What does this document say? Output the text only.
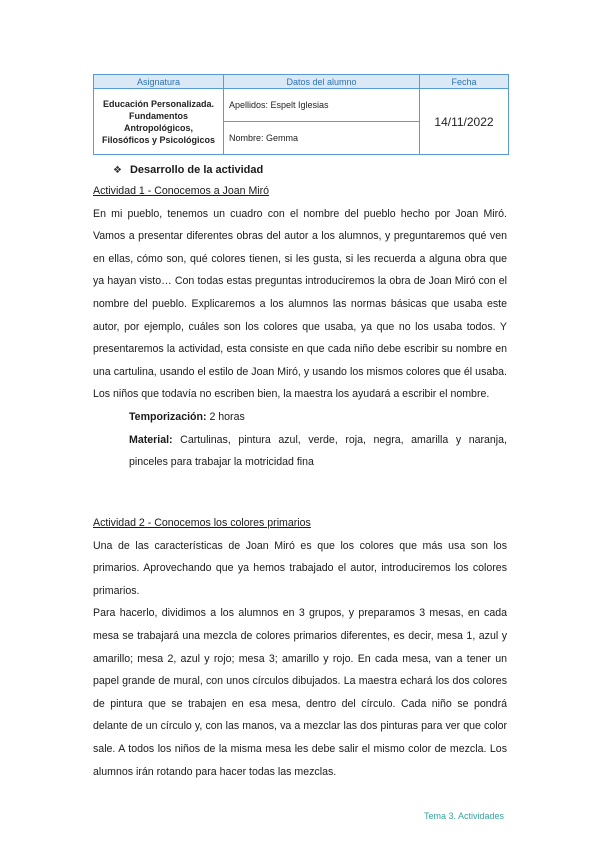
Asignatura	Datos del alumno	Fecha
Educación Personalizada.
Fundamentos
Antropológicos,
Filosóficos y Psicológicos	Apellidos: Espelt Iglesias	14/11/2022
	Nombre: Gemma	
❖ Desarrollo de la actividad
Actividad 1 - Conocemos a Joan Miró
En mi pueblo, tenemos un cuadro con el nombre del pueblo hecho por Joan Miró. Vamos a presentar diferentes obras del autor a los alumnos, y preguntaremos qué ven en ellas, cómo son, qué colores tienen, si les gusta, si les recuerda a alguna obra que ya hayan visto… Con todas estas preguntas introduciremos la obra de Joan Miró con el nombre del pueblo. Explicaremos a los alumnos las normas básicas que usaba este autor, por ejemplo, cuáles son los colores que usaba, ya que no los usaba todos. Y presentaremos la actividad, esta consiste en que cada niño debe escribir su nombre en una cartulina, usando el estilo de Joan Miró, y usando los mismos colores que él usaba. Los niños que todavía no escriben bien, la maestra los ayudará a escribir el nombre.
Temporización: 2 horas
Material: Cartulinas, pintura azul, verde, roja, negra, amarilla y naranja, pinceles para trabajar la motricidad fina
Actividad 2 - Conocemos los colores primarios
Una de las características de Joan Miró es que los colores que más usa son los primarios. Aprovechando que ya hemos trabajado el autor, introduciremos los colores primarios.
Para hacerlo, dividimos a los alumnos en 3 grupos, y preparamos 3 mesas, en cada mesa se trabajará una mezcla de colores primarios diferentes, es decir, mesa 1, azul y amarillo; mesa 2, azul y rojo; mesa 3; amarillo y rojo. En cada mesa, van a tener un papel grande de mural, con unos círculos dibujados. La maestra echará los dos colores de pintura que se trabajen en esa mesa, dentro del círculo. Cada niño se pondrá delante de un círculo y, con las manos, va a mezclar las dos pinturas para ver que color sale. A todos los niños de la misma mesa les debe salir el mismo color de mezcla. Los alumnos irán rotando para hacer todas las mezclas.
Tema 3. Actividades
